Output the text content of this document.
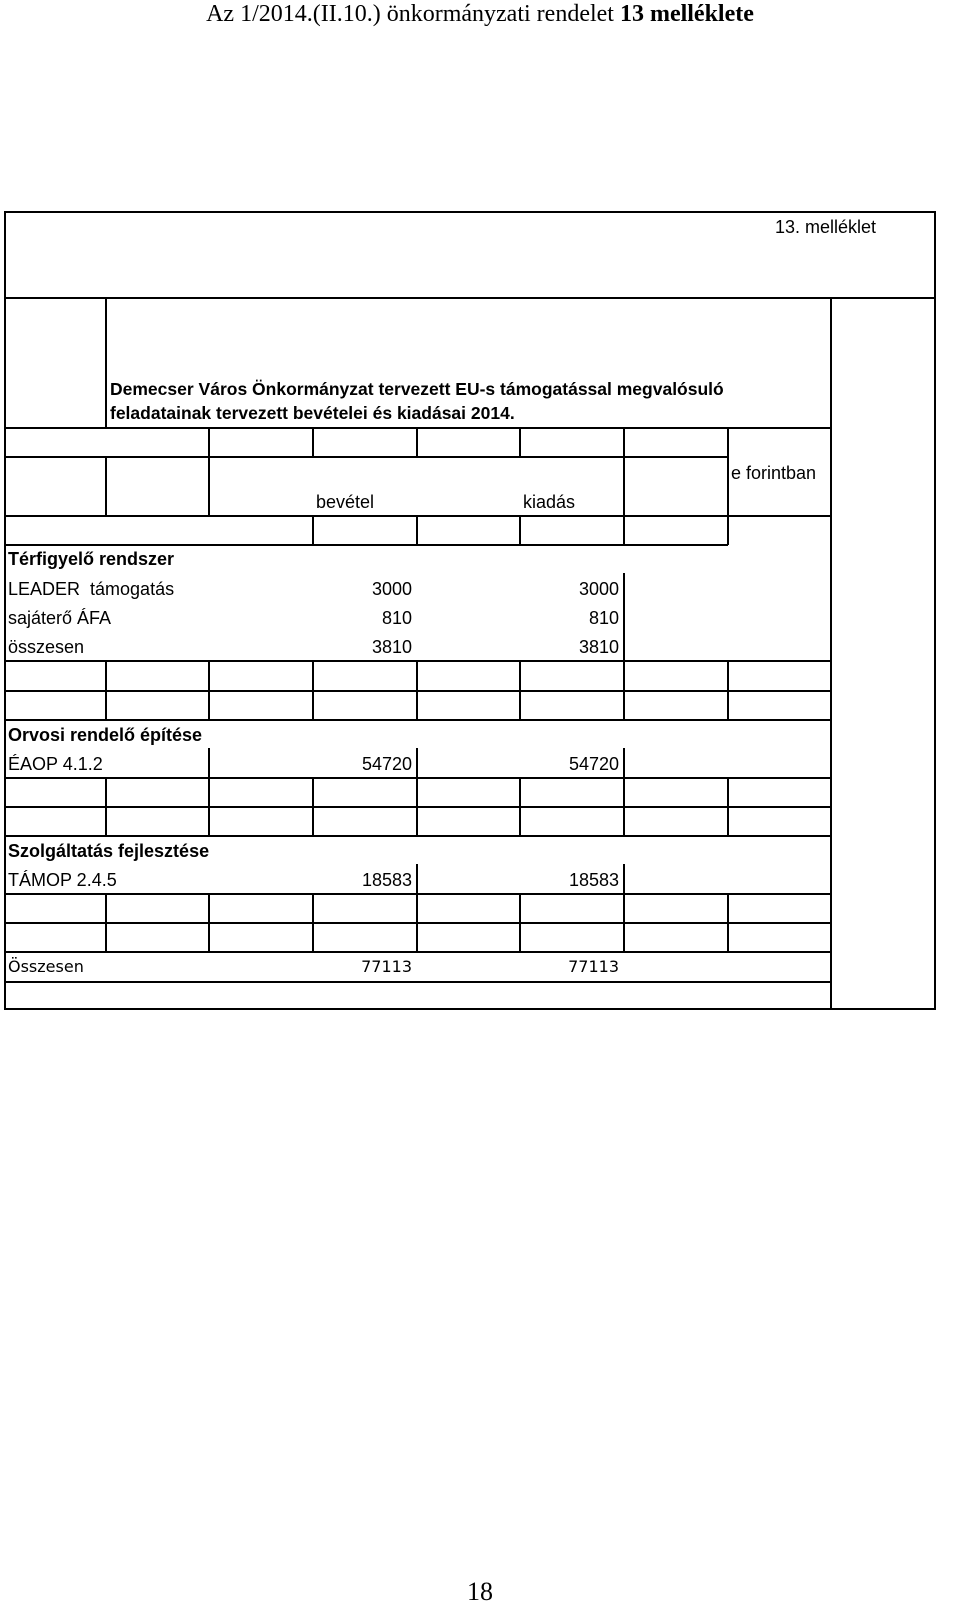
Az 1/2014.(II.10.) önkormányzati rendelet 13 melléklete
13. melléklet
Demecser Város Önkormányzat tervezett EU-s támogatással megvalósuló
feladatainak tervezett bevételei és kiadásai 2014.
e forintban
bevétel	kiadás
Térfigyelő rendszer
LEADER  támogatás	3000	3000
sajáterő ÁFA	810	810
összesen	3810	3810
Orvosi rendelő építése
ÉAOP 4.1.2	54720	54720
Szolgáltatás fejlesztése
TÁMOP 2.4.5	18583	18583
Összesen	77113	77113
18
